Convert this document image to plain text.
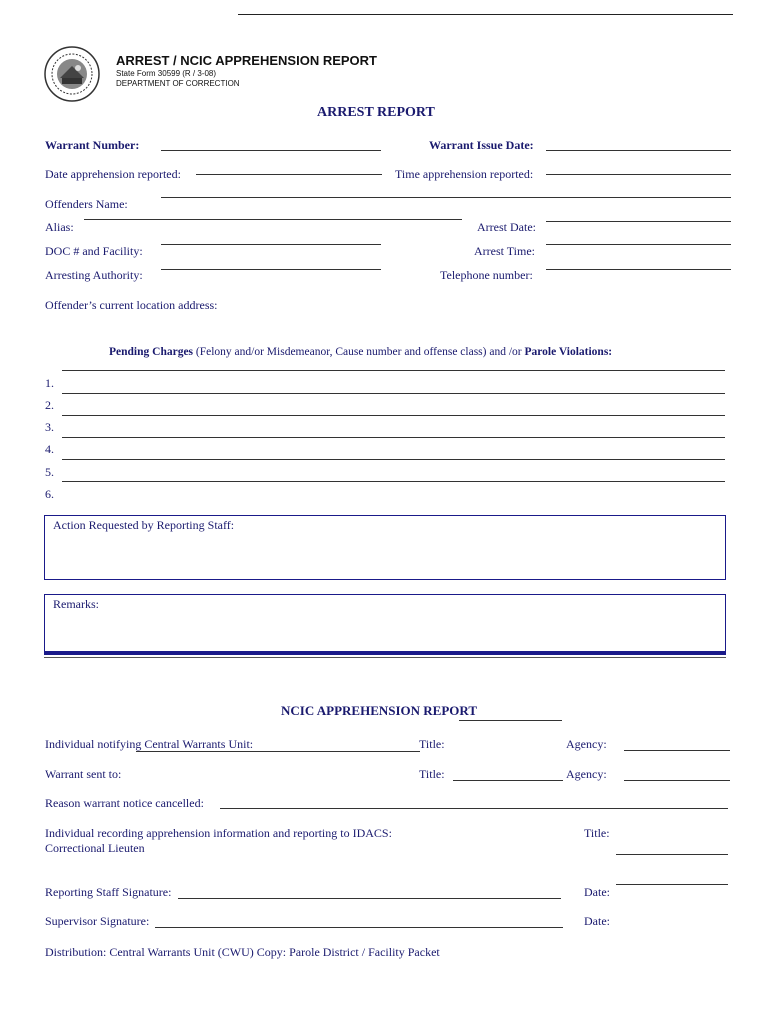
ARREST / NCIC APPREHENSION REPORT
State Form 30599 (R / 3-08)
DEPARTMENT OF CORRECTION
ARREST REPORT
Warrant Number:	Warrant Issue Date:
Date apprehension reported:	Time apprehension reported:
Offenders Name:
Alias:	Arrest Date:
DOC # and Facility:	Arrest Time:
Arresting Authority:	Telephone number:
Offender’s current location address:
Pending Charges (Felony and/or Misdemeanor, Cause number and offense class) and /or Parole Violations:
1.
2.
3.
4.
5.
6.
Action Requested by Reporting Staff:
Remarks:
NCIC APPREHENSION REPORT
Individual notifying Central Warrants Unit:	Title:	Agency:
Warrant sent to:	Title:	Agency:
Reason warrant notice cancelled:
Individual recording apprehension information and reporting to IDACS:
Correctional Lieuten
Title:
Reporting Staff Signature:	Date:
Supervisor Signature:	Date:
Distribution: Central Warrants Unit (CWU) Copy: Parole District / Facility Packet
